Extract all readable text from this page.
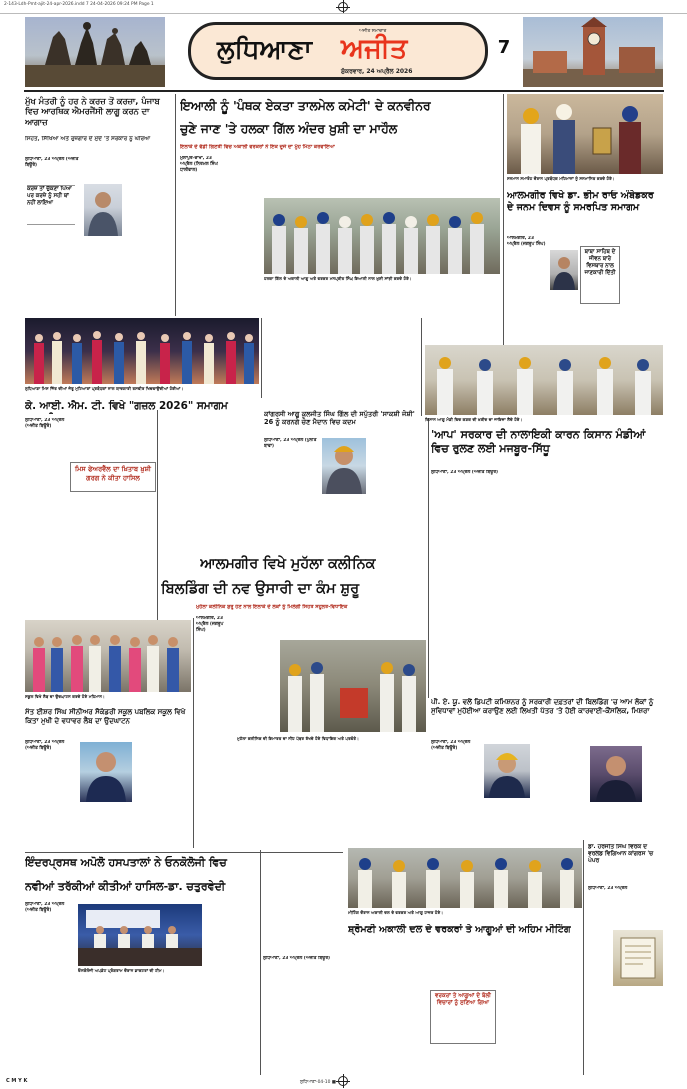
2-143-Ldh-Pmt-ajit-24-apr-2026.indd 7 24-04-2026 09:24 PM Page 1
ਲੁਧਿਆਣਾ
ਅਜੀਤ ਸਮਾਚਾਰ
ਅਜੀਤ
ਸ਼ੁੱਕਰਵਾਰ, 24 ਅਪ੍ਰੈਲ 2026
7
ਮੁੱਖ ਮੰਤਰੀ ਨੂੰ ਹਰ ਨੇ ਕਰਜ਼ ਤੋਂ ਕਰਜ਼ਾ, ਪੰਜਾਬ ਵਿਚ ਆਰਥਿਕ ਐਮਰਜੈਂਸੀ ਲਾਗੂ ਕਰਨ ਦਾ ਆਗਾਜ਼
ਸਿਹਤ, ਸਿੱਖਿਆ ਅਤੇ ਰੁਜ਼ਗਾਰ ਦੇ ਮੁੱਦੇ 'ਤੇ ਸਰਕਾਰ ਨੂੰ ਘੇਰਿਆ

ਲੁਧਿਆਣਾ, 23 ਅਪ੍ਰੈਲ (ਅਜੀਤ ਬਿਊਰੋ)

ਕਰਜ਼ ਤਾਂ ਚੁੱਕਣਾ ਪਿਆ ਪਰ ਕਰਜ਼ੇ ਨੂੰ ਸਹੀ ਥਾਂ ਨਹੀਂ ਲਾਇਆ
ਲੁਧਿਆਣਾ ਮਿਸ ਜਿੱਤ ਦੀਆਂ ਜੇਤੂ ਮੁਟਿਆਰਾਂ ਪ੍ਰਬੰਧਕਾਂ ਨਾਲ ਯਾਦਗਾਰੀ ਤਸਵੀਰ ਖਿਚਵਾਉਂਦੀਆਂ ਹੋਈਆਂ।
ਇਆਲੀ ਨੂੰ 'ਪੰਥਕ ਏਕਤਾ ਤਾਲਮੇਲ ਕਮੇਟੀ' ਦੇ ਕਨਵੀਨਰ
ਚੁਣੇ ਜਾਣ 'ਤੇ ਹਲਕਾ ਗਿੱਲ ਅੰਦਰ ਖ਼ੁਸ਼ੀ ਦਾ ਮਾਹੌਲ
ਇਲਾਕੇ ਦੇ ਵੱਡੀ ਗਿਣਤੀ ਵਿਚ ਅਕਾਲੀ ਵਰਕਰਾਂ ਨੇ ਇਕ ਦੂਜੇ ਦਾ ਮੂੰਹ ਮਿੱਠਾ ਕਰਵਾਇਆ

ਮੁੱਲਾਂਪੁਰ-ਦਾਖਾ, 23 ਅਪ੍ਰੈਲ (ਨਿਰਮਲ ਸਿੰਘ ਧਾਲੀਵਾਲ)

ਹਲਕਾ ਗਿੱਲ ਦੇ ਅਕਾਲੀ ਆਗੂ ਅਤੇ ਵਰਕਰ ਮਨਪ੍ਰੀਤ ਸਿੰਘ ਇਆਲੀ ਨਾਲ ਖ਼ੁਸ਼ੀ ਸਾਂਝੀ ਕਰਦੇ ਹੋਏ।
ਸਨਮਾਨ ਸਮਾਰੋਹ ਦੌਰਾਨ ਪ੍ਰਬੰਧਕ ਮਹਿਮਾਨਾਂ ਨੂੰ ਸਨਮਾਨਿਤ ਕਰਦੇ ਹੋਏ।
ਆਲਮਗੀਰ ਵਿਖੇ ਡਾ. ਭੀਮ ਰਾਓ ਅੰਬੇਡਕਰ ਦੇ ਜਨਮ ਦਿਵਸ ਨੂੰ ਸਮਰਪਿਤ ਸਮਾਗਮ

ਆਲਮਗੀਰ, 23 ਅਪ੍ਰੈਲ (ਜਗਰੂਪ ਸਿੰਘ)

ਬਾਬਾ ਸਾਹਿਬ ਦੇ ਜੀਵਨ ਬਾਰੇ ਵਿਸਥਾਰ ਨਾਲ ਜਾਣਕਾਰੀ ਦਿੱਤੀ
ਕਾਂਗਰਸੀ ਆਗੂ ਕੁਲਜੀਤ ਸਿੰਘ ਗਿੱਲ ਦੀ ਸਪੁੱਤਰੀ 'ਸਾਕਸ਼ੀ ਜੋਸ਼ੀ' 26 ਨੂੰ ਕਰਨਗੇ ਚੋਣ ਮੈਦਾਨ ਵਿਚ ਕਦਮ

ਲੁਧਿਆਣਾ, 23 ਅਪ੍ਰੈਲ (ਪੁਨੀਤ ਬਾਵਾ)

ਕਿਸਾਨ ਆਗੂ ਮੰਡੀ ਵਿਚ ਕਣਕ ਦੀ ਖ਼ਰੀਦ ਦਾ ਜਾਇਜ਼ਾ ਲੈਂਦੇ ਹੋਏ।
ਕੇ. ਆਈ. ਐਮ. ਟੀ. ਵਿਖੇ "ਗਜ਼ਲ 2026" ਸਮਾਗਮ

ਲੁਧਿਆਣਾ, 23 ਅਪ੍ਰੈਲ (ਅਜੀਤ ਬਿਊਰੋ)

ਮਿਸ ਫੇਅਰਵੈੱਲ ਦਾ ਖ਼ਿਤਾਬ ਖ਼ੁਸ਼ੀ ਗਰਗ ਨੇ ਕੀਤਾ ਹਾਸਿਲ
'ਆਪ' ਸਰਕਾਰ ਦੀ ਨਾਲਾਇਕੀ ਕਾਰਨ ਕਿਸਾਨ ਮੰਡੀਆਂ ਵਿਚ ਰੁਲਣ ਲਈ ਮਜਬੂਰ-ਸਿੱਧੂ

ਲੁਧਿਆਣਾ, 23 ਅਪ੍ਰੈਲ (ਅਜੀਤ ਬਿਊਰੋ)

ਆਲਮਗੀਰ ਵਿਖੇ ਮੁਹੱਲਾ ਕਲੀਨਿਕ
ਬਿਲਡਿੰਗ ਦੀ ਨਵ ਉਸਾਰੀ ਦਾ ਕੰਮ ਸ਼ੁਰੂ
ਮੁਹੱਲਾ ਕਲੀਨਿਕ ਸ਼ੁਰੂ ਹੋਣ ਨਾਲ ਇਲਾਕੇ ਦੇ ਲੋਕਾਂ ਨੂੰ ਮਿਲੇਗੀ ਸਿਹਤ ਸਹੂਲਤ-ਵਿਧਾਇਕ

ਆਲਮਗੀਰ, 23 ਅਪ੍ਰੈਲ (ਜਗਰੂਪ ਸਿੰਘ)

ਮੁਹੱਲਾ ਕਲੀਨਿਕ ਦੀ ਇਮਾਰਤ ਦਾ ਨੀਂਹ ਪੱਥਰ ਰੱਖਦੇ ਹੋਏ ਵਿਧਾਇਕ ਅਤੇ ਪਤਵੰਤੇ।
ਸਕੂਲ ਵਿਖੇ ਲੈਬ ਦਾ ਉਦਘਾਟਨ ਕਰਦੇ ਹੋਏ ਮਹਿਮਾਨ।
ਸੰਤ ਈਸ਼ਰ ਸਿੰਘ ਸੀਨੀਅਰ ਸੈਕੰਡਰੀ ਸਕੂਲ ਪਬਲਿਕ ਸਕੂਲ ਵਿਖੇ ਕਿਤਾ ਮੁਖੀ ਦੇ ਵਧਾਵਰ ਲੈਬ ਦਾ ਉਦਘਾਟਨ

ਲੁਧਿਆਣਾ, 23 ਅਪ੍ਰੈਲ (ਅਜੀਤ ਬਿਊਰੋ)

ਪੀ. ਏ. ਯੂ. ਵਲੋਂ ਡਿਪਟੀ ਕਮਿਸ਼ਨਰ ਨੂੰ ਸਰਕਾਰੀ ਦਫ਼ਤਰਾਂ ਦੀ ਬਿਲਡਿੰਗ 'ਚ ਆਮ ਲੋਕਾਂ ਨੂੰ ਸੁਵਿਧਾਵਾਂ ਮੁਹੱਈਆ ਕਰਾਉਣ ਲਈ ਲਿਖਤੀ ਪੱਤਰ 'ਤੇ ਹੋਈ ਕਾਰਵਾਈ-ਕੌਂਸਲਿਕ, ਮਿਸ਼ਰਾ

ਲੁਧਿਆਣਾ, 23 ਅਪ੍ਰੈਲ (ਅਜੀਤ ਬਿਊਰੋ)

ਇੰਦਰਪ੍ਰਸਥ ਅਪੋਲੋ ਹਸਪਤਾਲਾਂ ਨੇ ਓਨਕੋਲੋਜੀ ਵਿਚ
ਨਵੀਆਂ ਤਰੱਕੀਆਂ ਕੀਤੀਆਂ ਹਾਸਿਲ-ਡਾ. ਚਤੁਰਵੇਦੀ

ਲੁਧਿਆਣਾ, 23 ਅਪ੍ਰੈਲ (ਅਜੀਤ ਬਿਊਰੋ)

ਓਨਕੋਲੋਜੀ ਅਪਡੇਟ ਪ੍ਰੋਗਰਾਮ ਦੌਰਾਨ ਡਾਕਟਰਾਂ ਦੀ ਟੀਮ।
ਮੀਟਿੰਗ ਦੌਰਾਨ ਅਕਾਲੀ ਦਲ ਦੇ ਵਰਕਰ ਅਤੇ ਆਗੂ ਹਾਜ਼ਰ ਹੋਏ।
ਸ਼੍ਰੋਮਣੀ ਅਕਾਲੀ ਦਲ ਦੇ ਵਰਕਰਾਂ ਤੇ ਆਗੂਆਂ ਦੀ ਅਹਿਮ ਮੀਟਿੰਗ

ਲੁਧਿਆਣਾ, 23 ਅਪ੍ਰੈਲ (ਅਜੀਤ ਬਿਊਰੋ)

ਵਰਕਰਾਂ ਤੇ ਆਗੂਆਂ ਦੇ ਬੋਲੀ ਵਿਚਾਰਾਂ ਨੂੰ ਸੁਣਿਆ ਗਿਆ
ਡਾ. ਹਰਜੀਤ ਸਿੰਘ ਵਿਰਕ ਦੇ ਵਰਲਡ ਵਿਗਿਆਨ ਕਾਂਗਰਸ 'ਚ ਪੇਪਰ

ਲੁਧਿਆਣਾ, 23 ਅਪ੍ਰੈਲ

C M Y K	ਲੁਧਿਆਣਾ-04-10 ■
